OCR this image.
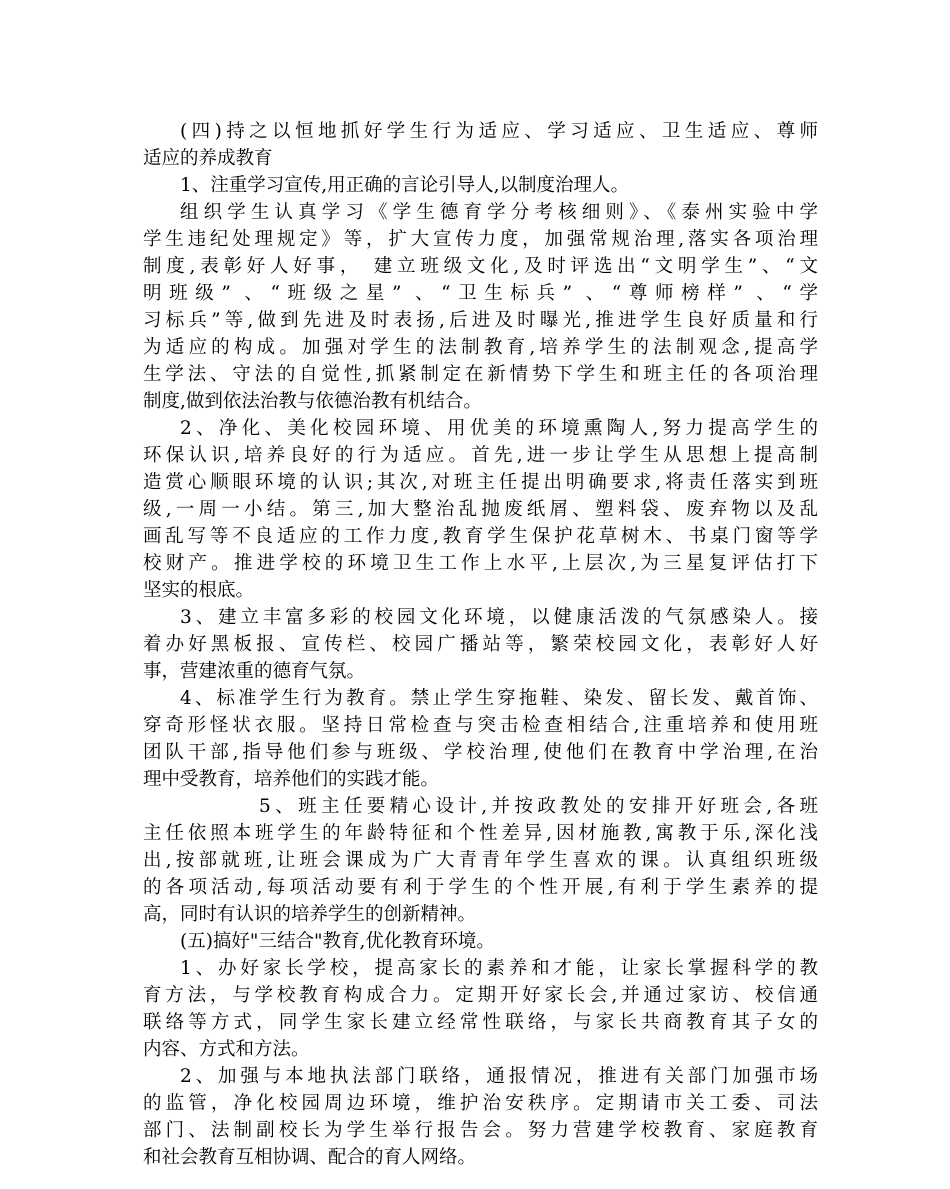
(四)持之以恒地抓好学生行为适应、学习适应、卫生适应、尊师
适应的养成教育
1、注重学习宣传,用正确的言论引导人,以制度治理人。
组织学生认真学习《学生德育学分考核细则》、《泰州实验中学
学生违纪处理规定》等，扩大宣传力度，加强常规治理,落实各项治理
制度,表彰好人好事， 建立班级文化,及时评选出“文明学生”、“文
明班级” 、“班级之星” 、“卫生标兵” 、“尊师榜样” 、“学
习标兵”等,做到先进及时表扬,后进及时曝光,推进学生良好质量和行
为适应的构成。加强对学生的法制教育,培养学生的法制观念,提高学
生学法、守法的自觉性,抓紧制定在新情势下学生和班主任的各项治理
制度,做到依法治教与依德治教有机结合。
2、净化、美化校园环境、用优美的环境熏陶人,努力提高学生的
环保认识,培养良好的行为适应。首先,进一步让学生从思想上提高制
造赏心顺眼环境的认识;其次,对班主任提出明确要求,将责任落实到班
级,一周一小结。第三,加大整治乱抛废纸屑、塑料袋、废弃物以及乱
画乱写等不良适应的工作力度,教育学生保护花草树木、书桌门窗等学
校财产。推进学校的环境卫生工作上水平,上层次,为三星复评估打下
坚实的根底。
3、建立丰富多彩的校园文化环境，以健康活泼的气氛感染人。接
着办好黑板报、宣传栏、校园广播站等，繁荣校园文化，表彰好人好
事，营建浓重的德育气氛。
4、标准学生行为教育。禁止学生穿拖鞋、染发、留长发、戴首饰、
穿奇形怪状衣服。坚持日常检查与突击检查相结合,注重培养和使用班
团队干部,指导他们参与班级、学校治理,使他们在教育中学治理,在治
理中受教育，培养他们的实践才能。
5、班主任要精心设计,并按政教处的安排开好班会,各班
主任依照本班学生的年龄特征和个性差异,因材施教,寓教于乐,深化浅
出,按部就班,让班会课成为广大青青年学生喜欢的课。认真组织班级
的各项活动,每项活动要有利于学生的个性开展,有利于学生素养的提
高，同时有认识的培养学生的创新精神。
(五)搞好"三结合"教育,优化教育环境。
1、办好家长学校，提高家长的素养和才能，让家长掌握科学的教
育方法，与学校教育构成合力。定期开好家长会,并通过家访、校信通
联络等方式，同学生家长建立经常性联络，与家长共商教育其子女的
内容、方式和方法。
2、加强与本地执法部门联络，通报情况，推进有关部门加强市场
的监管，净化校园周边环境，维护治安秩序。定期请市关工委、司法
部门、法制副校长为学生举行报告会。努力营建学校教育、家庭教育
和社会教育互相协调、配合的育人网络。
